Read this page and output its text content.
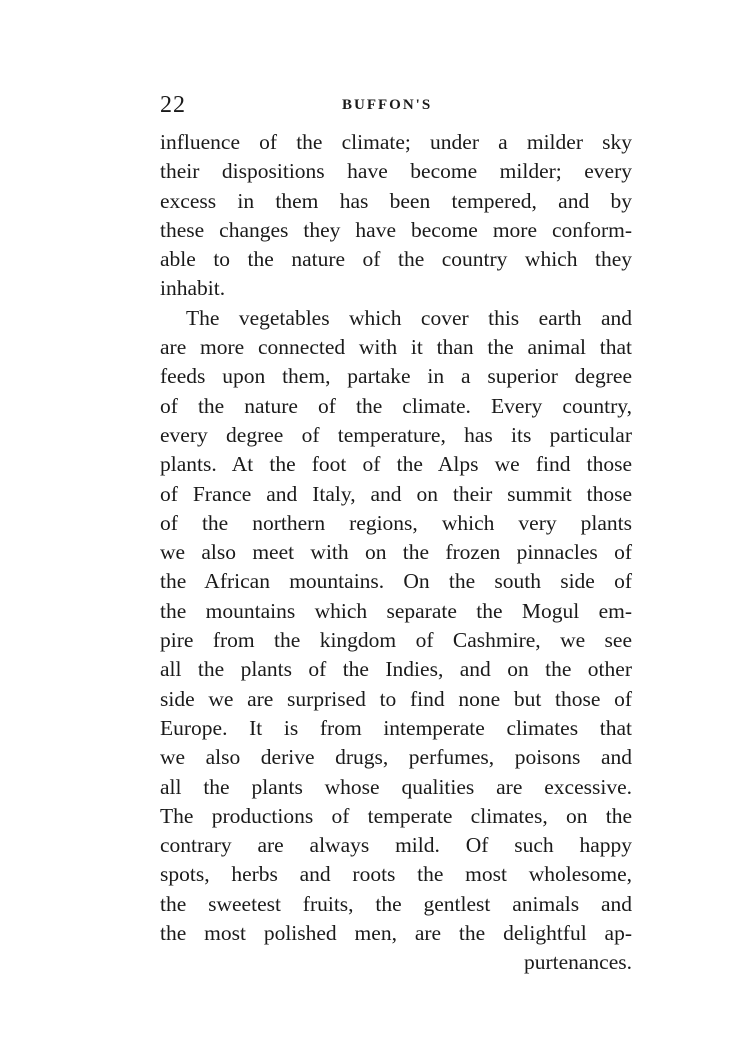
22	BUFFON'S
influence of the climate; under a milder sky
their dispositions have become milder; every
excess in them has been tempered, and by
these changes they have become more conform-
able to the nature of the country which they
inhabit.
The vegetables which cover this earth and
are more connected with it than the animal that
feeds upon them, partake in a superior degree
of the nature of the climate. Every country,
every degree of temperature, has its particular
plants. At the foot of the Alps we find those
of France and Italy, and on their summit those
of the northern regions, which very plants
we also meet with on the frozen pinnacles of
the African mountains. On the south side of
the mountains which separate the Mogul em-
pire from the kingdom of Cashmire, we see
all the plants of the Indies, and on the other
side we are surprised to find none but those of
Europe. It is from intemperate climates that
we also derive drugs, perfumes, poisons and
all the plants whose qualities are excessive.
The productions of temperate climates, on the
contrary are always mild. Of such happy
spots, herbs and roots the most wholesome,
the sweetest fruits, the gentlest animals and
the most polished men, are the delightful ap-
purtenances.
